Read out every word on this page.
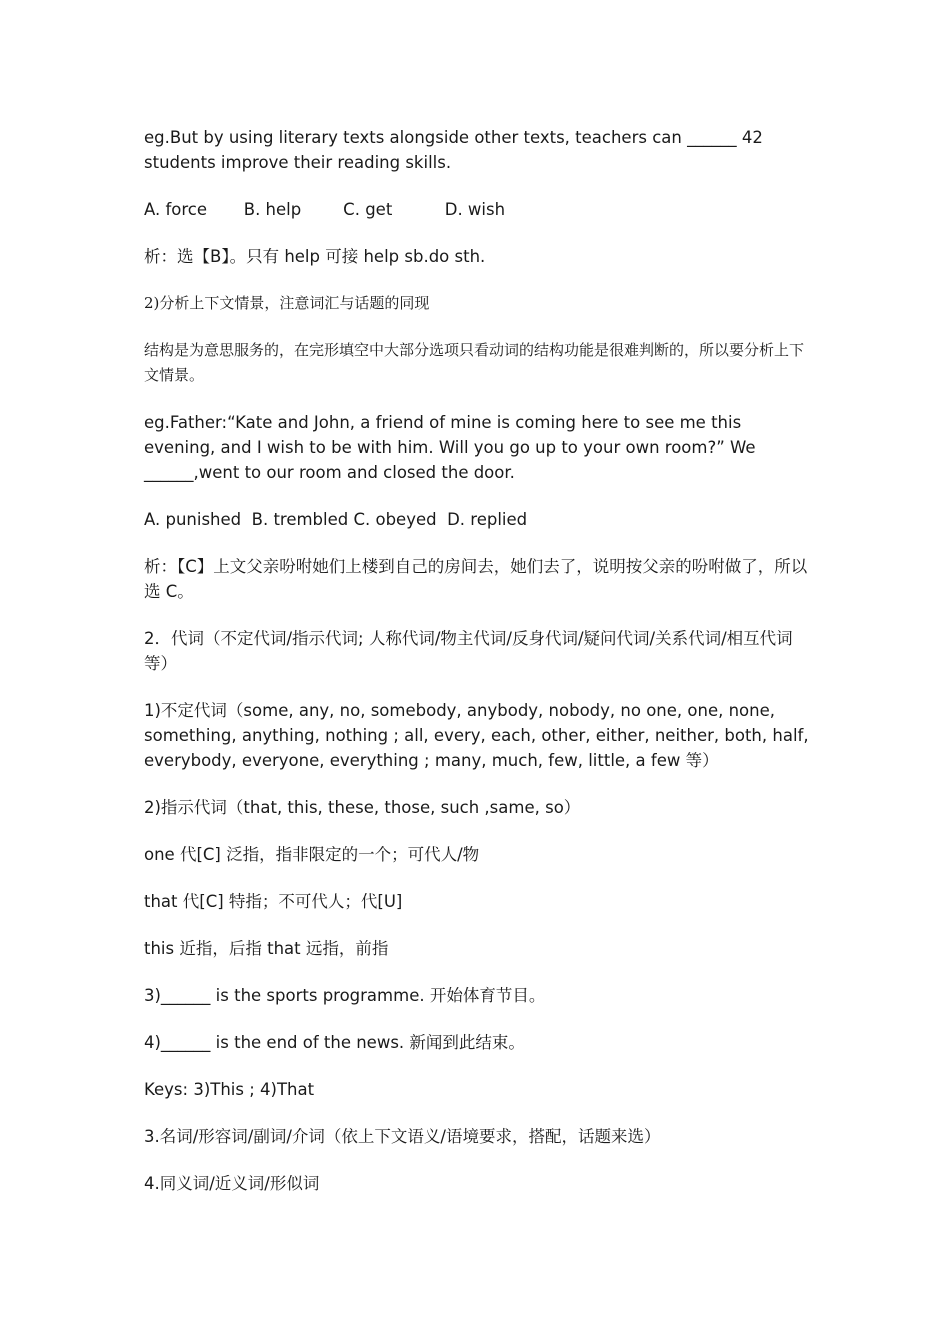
eg.But by using literary texts alongside other texts, teachers can ______ 42 students improve their reading skills.

A. force       B. help        C. get          D. wish

析：选【B】。只有 help 可接 help sb.do sth.

2)分析上下文情景，注意词汇与话题的同现

结构是为意思服务的，在完形填空中大部分选项只看动词的结构功能是很难判断的，所以要分析上下文情景。

eg.Father:“Kate and John, a friend of mine is coming here to see me this evening, and I wish to be with him. Will you go up to your own room?” We ______,went to our room and closed the door.

A. punished  B. trembled C. obeyed  D. replied

析：【C】上文父亲吩咐她们上楼到自己的房间去，她们去了，说明按父亲的吩咐做了，所以选 C。

2．代词（不定代词/指示代词; 人称代词/物主代词/反身代词/疑问代词/关系代词/相互代词等）

1)不定代词（some, any, no, somebody, anybody, nobody, no one, one, none, something, anything, nothing ; all, every, each, other, either, neither, both, half, everybody, everyone, everything ; many, much, few, little, a few 等）

2)指示代词（that, this, these, those, such ,same, so）

one 代[C] 泛指，指非限定的一个；可代人/物

that 代[C] 特指；不可代人；代[U]

this 近指，后指 that 远指，前指

3)______ is the sports programme. 开始体育节目。

4)______ is the end of the news. 新闻到此结束。

Keys: 3)This ; 4)That

3.名词/形容词/副词/介词（依上下文语义/语境要求，搭配，话题来选）

4.同义词/近义词/形似词
